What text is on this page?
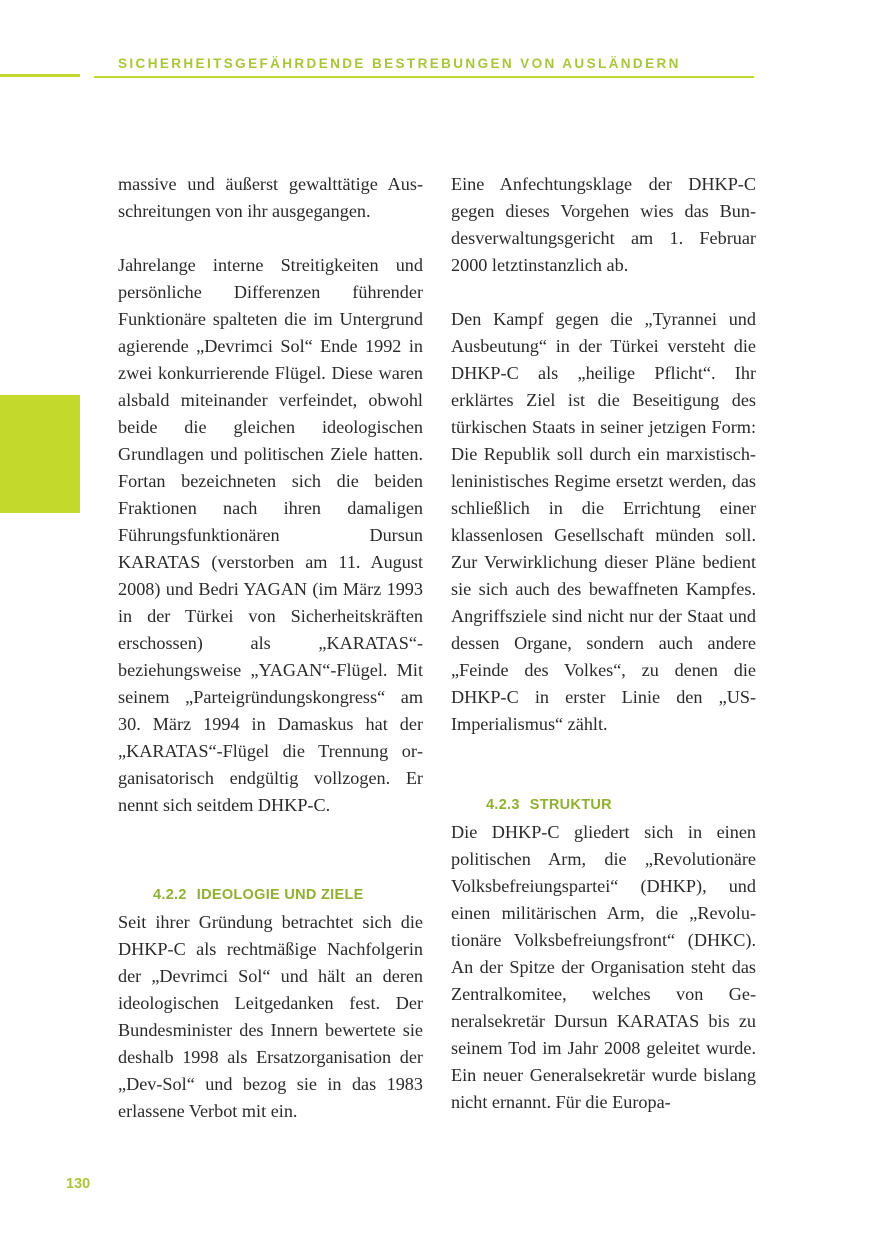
SICHERHEITSGEFÄHRDENDE BESTREBUNGEN VON AUSLÄNDERN

massive und äußerst gewalttätige Ausschreitungen von ihr ausgegangen.

Jahrelange interne Streitigkeiten und persönliche Differenzen führender Funktionäre spalteten die im Untergrund agierende „Devrimci Sol“ Ende 1992 in zwei konkurrierende Flügel. Diese waren alsbald miteinander verfeindet, obwohl beide die gleichen ideologischen Grundlagen und politischen Ziele hatten. Fortan bezeichneten sich die beiden Fraktionen nach ihren damaligen Führungsfunktionären Dursun KARATAS (verstorben am 11. August 2008) und Bedri YAGAN (im März 1993 in der Türkei von Sicherheitskräften erschossen) als „KARATAS“-beziehungsweise „YAGAN“-Flügel. Mit seinem „Parteigründungskongress“ am 30. März 1994 in Damaskus hat der „KARATAS“-Flügel die Trennung organisatorisch endgültig vollzogen. Er nennt sich seitdem DHKP-C.

4.2.2 IDEOLOGIE UND ZIELE

Seit ihrer Gründung betrachtet sich die DHKP-C als rechtmäßige Nachfolgerin der „Devrimci Sol“ und hält an deren ideologischen Leitgedanken fest. Der Bundesminister des Innern bewertete sie deshalb 1998 als Ersatzorganisation der „Dev-Sol“ und bezog sie in das 1983 erlassene Verbot mit ein.

Eine Anfechtungsklage der DHKP-C gegen dieses Vorgehen wies das Bundesverwaltungsgericht am 1. Februar 2000 letztinstanzlich ab.

Den Kampf gegen die „Tyrannei und Ausbeutung“ in der Türkei versteht die DHKP-C als „heilige Pflicht“. Ihr erklärtes Ziel ist die Beseitigung des türkischen Staats in seiner jetzigen Form: Die Republik soll durch ein marxistisch-leninistisches Regime ersetzt werden, das schließlich in die Errichtung einer klassenlosen Gesellschaft münden soll. Zur Verwirklichung dieser Pläne bedient sie sich auch des bewaffneten Kampfes. Angriffsziele sind nicht nur der Staat und dessen Organe, sondern auch andere „Feinde des Volkes“, zu denen die DHKP-C in erster Linie den „US-Imperialismus“ zählt.

4.2.3 STRUKTUR

Die DHKP-C gliedert sich in einen politischen Arm, die „Revolutionäre Volksbefreiungspartei“ (DHKP), und einen militärischen Arm, die „Revolutionäre Volksbefreiungsfront“ (DHKC). An der Spitze der Organisation steht das Zentralkomitee, welches von Generalsekretär Dursun KARATAS bis zu seinem Tod im Jahr 2008 geleitet wurde. Ein neuer Generalsekretär wurde bislang nicht ernannt. Für die Europa-

130
